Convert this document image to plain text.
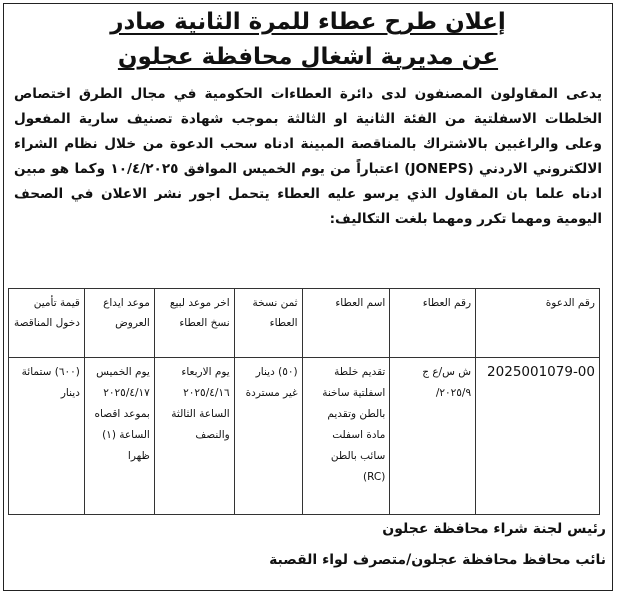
إعلان طرح عطاء للمرة الثانية صادر
عن مديرية اشغال محافظة عجلون
يدعى المقاولون المصنفون لدى دائرة العطاءات الحكومية في مجال الطرق اختصاص الخلطات الاسفلتية من الفئة الثانية او الثالثة بموجب شهادة تصنيف سارية المفعول وعلى والراغبين بالاشتراك بالمناقصة المبينة ادناه سحب الدعوة من خلال نظام الشراء الالكتروني الاردني (JONEPS) اعتباراً من يوم الخميس الموافق ١٠/٤/٢٠٢٥ وكما هو مبين ادناه علما بان المقاول الذي يرسو عليه العطاء يتحمل اجور نشر الاعلان في الصحف اليومية ومهما تكرر ومهما بلغت التكاليف:
رقم الدعوة	رقم العطاء	اسم العطاء	ثمن نسخة العطاء	اخر موعد لبيع نسخ العطاء	موعد ايداع العروض	قيمة تأمين دخول المناقصة
2025001079-00	ش س/ع ج ٢٠٢٥/٩/	تقديم خلطة اسفلتية ساخنة بالطن وتقديم مادة اسفلت سائب بالطن (RC)	(٥٠) دينار غير مستردة	يوم الاربعاء ٢٠٢٥/٤/١٦ الساعة الثالثة والنصف	يوم الخميس ٢٠٢٥/٤/١٧ بموعد اقصاه الساعة (١) ظهرا	(٦٠٠) ستمائة دينار
رئيس لجنة شراء محافظة عجلون
نائب محافظ محافظة عجلون/متصرف لواء القصبة
